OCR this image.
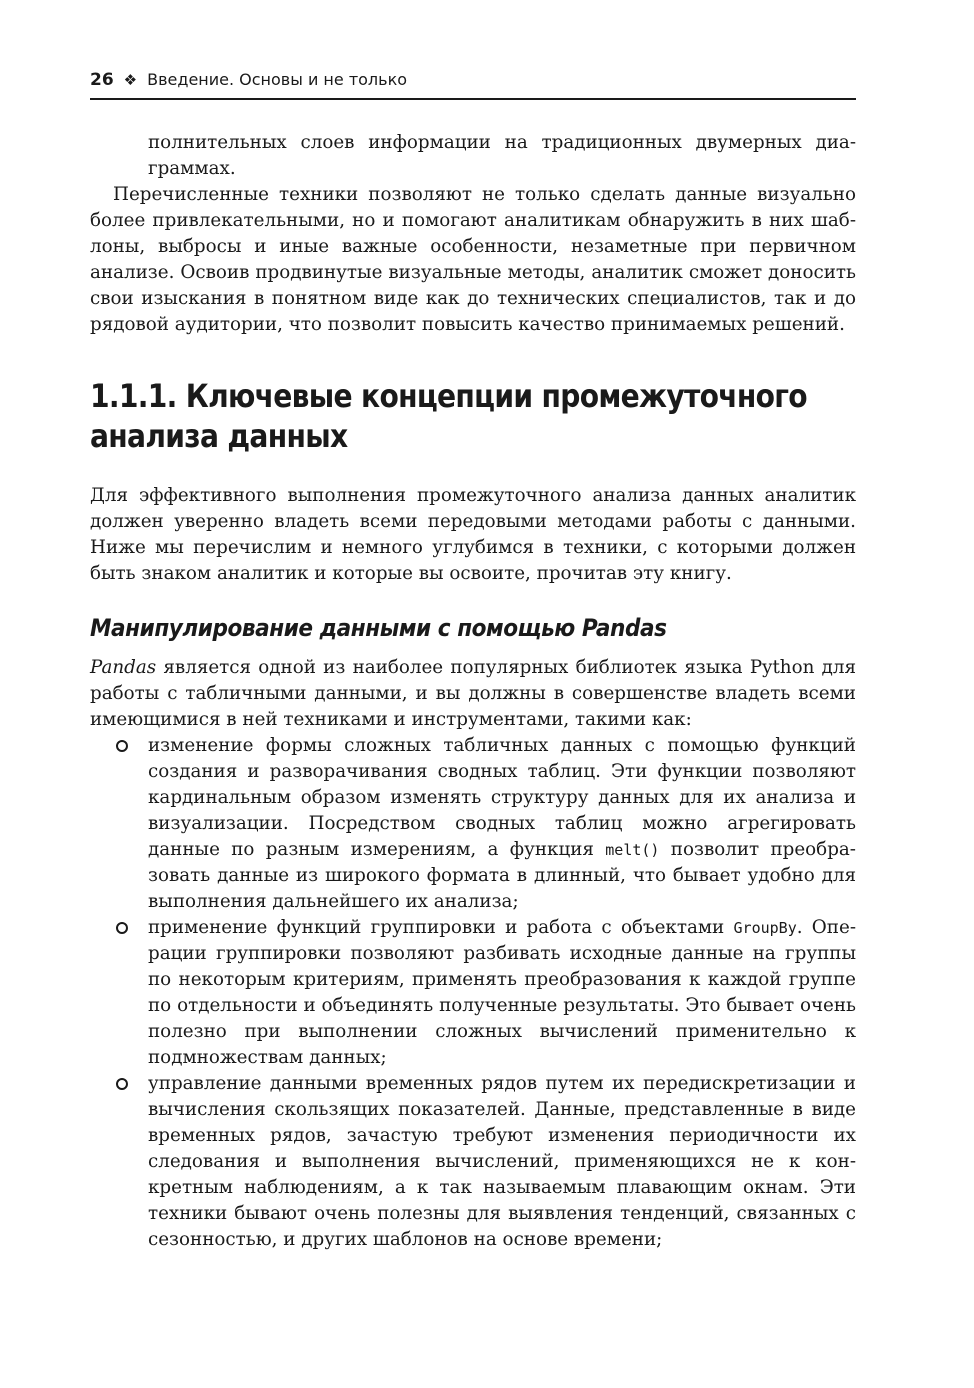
26 ❖ Введение. Основы и не только

полнительных слоев информации на традиционных двумерных диаграммах.

Перечисленные техники позволяют не только сделать данные визуально более привлекательными, но и помогают аналитикам обнаружить в них шаблоны, выбросы и иные важные особенности, незаметные при первичном анализе. Освоив продвинутые визуальные методы, аналитик сможет доносить свои изыскания в понятном виде как до технических специалистов, так и до рядовой аудитории, что позволит повысить качество принимаемых решений.

1.1.1. Ключевые концепции промежуточного анализа данных

Для эффективного выполнения промежуточного анализа данных аналитик должен уверенно владеть всеми передовыми методами работы с данными. Ниже мы перечислим и немного углубимся в техники, с которыми должен быть знаком аналитик и которые вы освоите, прочитав эту книгу.

Манипулирование данными с помощью Pandas

Pandas является одной из наиболее популярных библиотек языка Python для работы с табличными данными, и вы должны в совершенстве владеть всеми имеющимися в ней техниками и инструментами, такими как:

изменение формы сложных табличных данных с помощью функций создания и разворачивания сводных таблиц. Эти функции позволяют кардинальным образом изменять структуру данных для их анализа и визуализации. Посредством сводных таблиц можно агрегировать данные по разным измерениям, а функция melt() позволит преобразовать данные из широкого формата в длинный, что бывает удобно для выполнения дальнейшего их анализа;
применение функций группировки и работа с объектами GroupBy. Операции группировки позволяют разбивать исходные данные на группы по некоторым критериям, применять преобразования к каждой группе по отдельности и объединять полученные результаты. Это бывает очень полезно при выполнении сложных вычислений применительно к подмножествам данных;
управление данными временных рядов путем их передискретизации и вычисления скользящих показателей. Данные, представленные в виде временных рядов, зачастую требуют изменения периодичности их следования и выполнения вычислений, применяющихся не к конкретным наблюдениям, а к так называемым плавающим окнам. Эти техники бывают очень полезны для выявления тенденций, связанных с сезонностью, и других шаблонов на основе времени;
